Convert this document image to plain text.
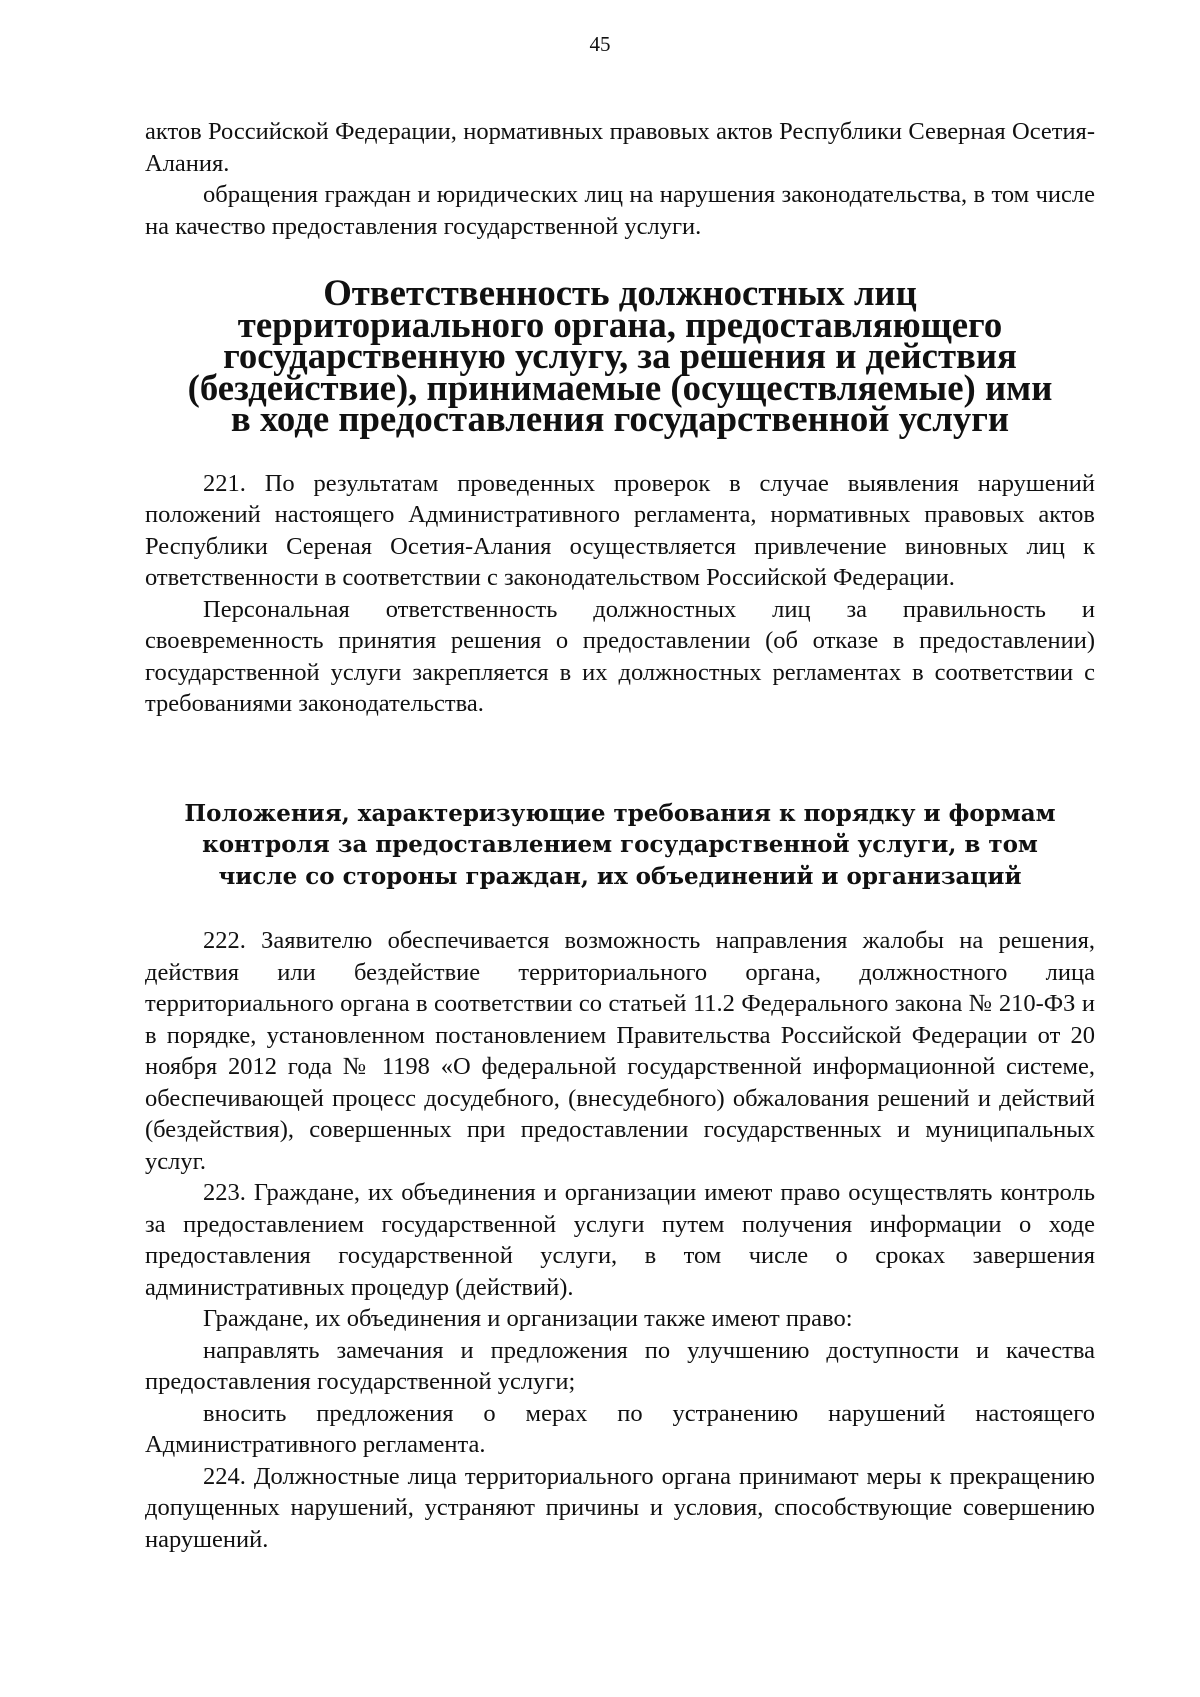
45

актов Российской Федерации, нормативных правовых актов Республики Северная Осетия-Алания.

обращения граждан и юридических лиц на нарушения законодательства, в том числе на качество предоставления государственной услуги.

Ответственность должностных лиц территориального органа, предоставляющего государственную услугу, за решения и действия (бездействие), принимаемые (осуществляемые) ими в ходе предоставления государственной услуги

221. По результатам проведенных проверок в случае выявления нарушений положений настоящего Административного регламента, нормативных правовых актов Республики Сереная Осетия-Алания осуществляется привлечение виновных лиц к ответственности в соответствии с законодательством Российской Федерации.

Персональная ответственность должностных лиц за правильность и своевременность принятия решения о предоставлении (об отказе в предоставлении) государственной услуги закрепляется в их должностных регламентах в соответствии с требованиями законодательства.

Положения, характеризующие требования к порядку и формам контроля за предоставлением государственной услуги, в том числе со стороны граждан, их объединений и организаций

222. Заявителю обеспечивается возможность направления жалобы на решения, действия или бездействие территориального органа, должностного лица территориального органа в соответствии со статьей 11.2 Федерального закона № 210-ФЗ и в порядке, установленном постановлением Правительства Российской Федерации от 20 ноября 2012 года № 1198 «О федеральной государственной информационной системе, обеспечивающей процесс досудебного, (внесудебного) обжалования решений и действий (бездействия), совершенных при предоставлении государственных и муниципальных услуг.

223. Граждане, их объединения и организации имеют право осуществлять контроль за предоставлением государственной услуги путем получения информации о ходе предоставления государственной услуги, в том числе о сроках завершения административных процедур (действий).

Граждане, их объединения и организации также имеют право:

направлять замечания и предложения по улучшению доступности и качества предоставления государственной услуги;

вносить предложения о мерах по устранению нарушений настоящего Административного регламента.

224. Должностные лица территориального органа принимают меры к прекращению допущенных нарушений, устраняют причины и условия, способствующие совершению нарушений.
